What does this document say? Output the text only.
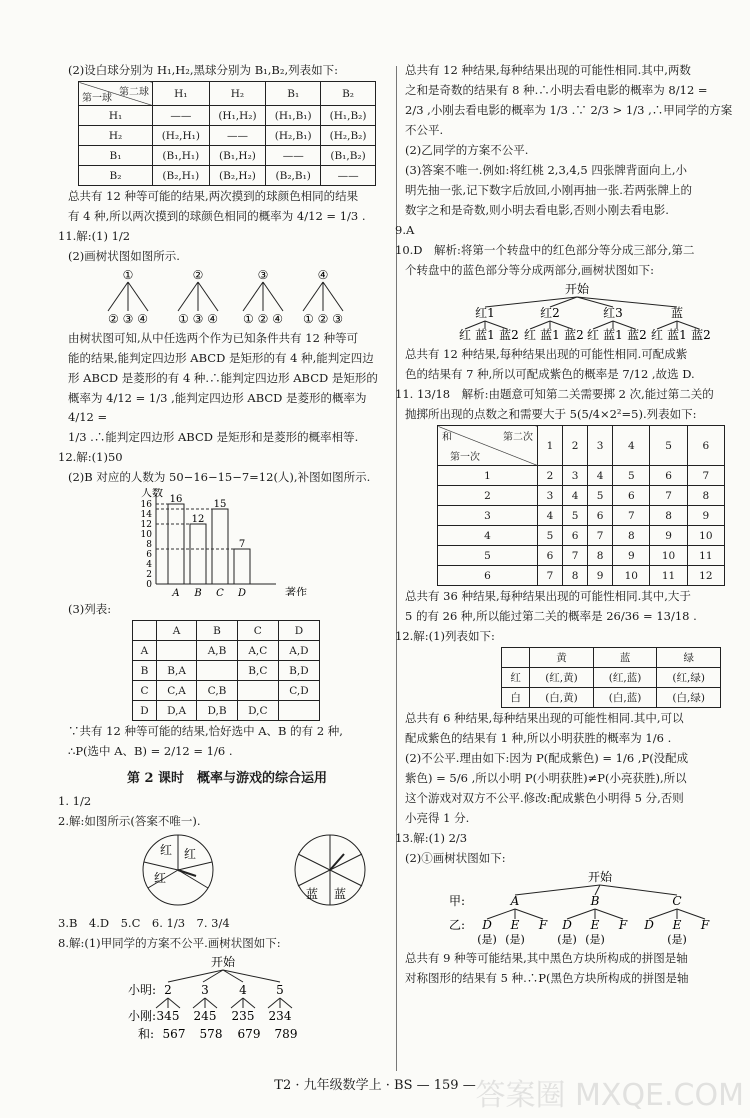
(2)设白球分别为 H₁,H₂,黑球分别为 B₁,B₂,列表如下:
第二球
第一球	H₁	H₂	B₁	B₂
H₁	——	(H₁,H₂)	(H₁,B₁)	(H₁,B₂)
H₂	(H₂,H₁)	——	(H₂,B₁)	(H₂,B₂)
B₁	(B₁,H₁)	(B₁,H₂)	——	(B₁,B₂)
B₂	(B₂,H₁)	(B₂,H₂)	(B₂,B₁)	——
总共有 12 种等可能的结果,两次摸到的球颜色相同的结果
有 4 种,所以两次摸到的球颜色相同的概率为 4/12 = 1/3 .
11.解:(1) 1/2
(2)画树状图如图所示.
①
② ③ ④
②
① ③ ④
③
① ② ④
④
① ② ③
由树状图可知,从中任选两个作为已知条件共有 12 种等可
能的结果,能判定四边形 ABCD 是矩形的有 4 种,能判定四边
形 ABCD 是菱形的有 4 种.∴能判定四边形 ABCD 是矩形的
概率为 4/12 = 1/3 ,能判定四边形 ABCD 是菱形的概率为 4/12 =
1/3 .∴能判定四边形 ABCD 是矩形和是菱形的概率相等.
12.解:(1)50
(2)B 对应的人数为 50−16−15−7=12(人),补图如图所示.
人数
著作
0
2
4
6
8
10
12
14
16 16
A
12
B
15
C
7
D
(3)列表:
	A	B	C	D
A		A,B	A,C	A,D
B	B,A		B,C	B,D
C	C,A	C,B		C,D
D	D,A	D,B	D,C	
∵共有 12 种等可能的结果,恰好选中 A、B 的有 2 种,
∴P(选中 A、B) = 2/12 = 1/6 .
第 2 课时　概率与游戏的综合运用
1. 1/2
2.解:如图所示(答案不唯一).
红 红
红
蓝 蓝
3.B　4.D　5.C　6. 1/3　7. 3/4
8.解:(1)甲同学的方案不公平.画树状图如下:
开始
小明: 2 3	4 5
小刚: 345 245 235 234
和: 567 578 679 789
总共有 12 种结果,每种结果出现的可能性相同.其中,两数
之和是奇数的结果有 8 种.∴小明去看电影的概率为 8/12 =
2/3 ,小刚去看电影的概率为 1/3 .∵ 2/3 > 1/3 ,∴甲同学的方案
不公平.
(2)乙同学的方案不公平.
(3)答案不唯一.例如:将红桃 2,3,4,5 四张牌背面向上,小
明先抽一张,记下数字后放回,小刚再抽一张.若两张牌上的
数字之和是奇数,则小明去看电影,否则小刚去看电影.
9.A
10.D　解析:将第一个转盘中的红色部分等分成三部分,第二
个转盘中的蓝色部分等分成两部分,画树状图如下:
开始
红1	红2	红3	蓝
红 蓝1 蓝2 红 蓝1 蓝2 红 蓝1 蓝2 红 蓝1 蓝2
总共有 12 种结果,每种结果出现的可能性相同.可配成紫
色的结果有 7 种,所以可配成紫色的概率是 7/12 ,故选 D.
11. 13/18　解析:由题意可知第二关需要掷 2 次,能过第二关的
抛掷所出现的点数之和需要大于 5(5/4×2²=5).列表如下:
第二次
和
第一次	1	2	3	4	5	6
1	2	3	4	5	6	7
2	3	4	5	6	7	8
3	4	5	6	7	8	9
4	5	6	7	8	9	10
5	6	7	8	9	10	11
6	7	8	9	10	11	12
总共有 36 种结果,每种结果出现的可能性相同.其中,大于
5 的有 26 种,所以能过第二关的概率是 26/36 = 13/18 .
12.解:(1)列表如下:
	黄	蓝	绿
红	(红,黄)	(红,蓝)	(红,绿)
白	(白,黄)	(白,蓝)	(白,绿)
总共有 6 种结果,每种结果出现的可能性相同.其中,可以
配成紫色的结果有 1 种,所以小明获胜的概率为 1/6 .
(2)不公平.理由如下:因为 P(配成紫色) = 1/6 ,P(没配成
紫色) = 5/6 ,所以小明 P(小明获胜)≠P(小亮获胜),所以
这个游戏对双方不公平.修改:配成紫色小明得 5 分,否则
小亮得 1 分.
13.解:(1) 2/3
(2)①画树状图如下:
开始
甲:	A	B	C
乙: D E F D E F D E F
(是) (是)	(是) (是)	(是)
总共有 9 种等可能结果,其中黑色方块所构成的拼图是轴
对称图形的结果有 5 种.∴P(黑色方块所构成的拼图是轴
T2 · 九年级数学上 · BS — 159 — 答案圈 MXQE.COM
